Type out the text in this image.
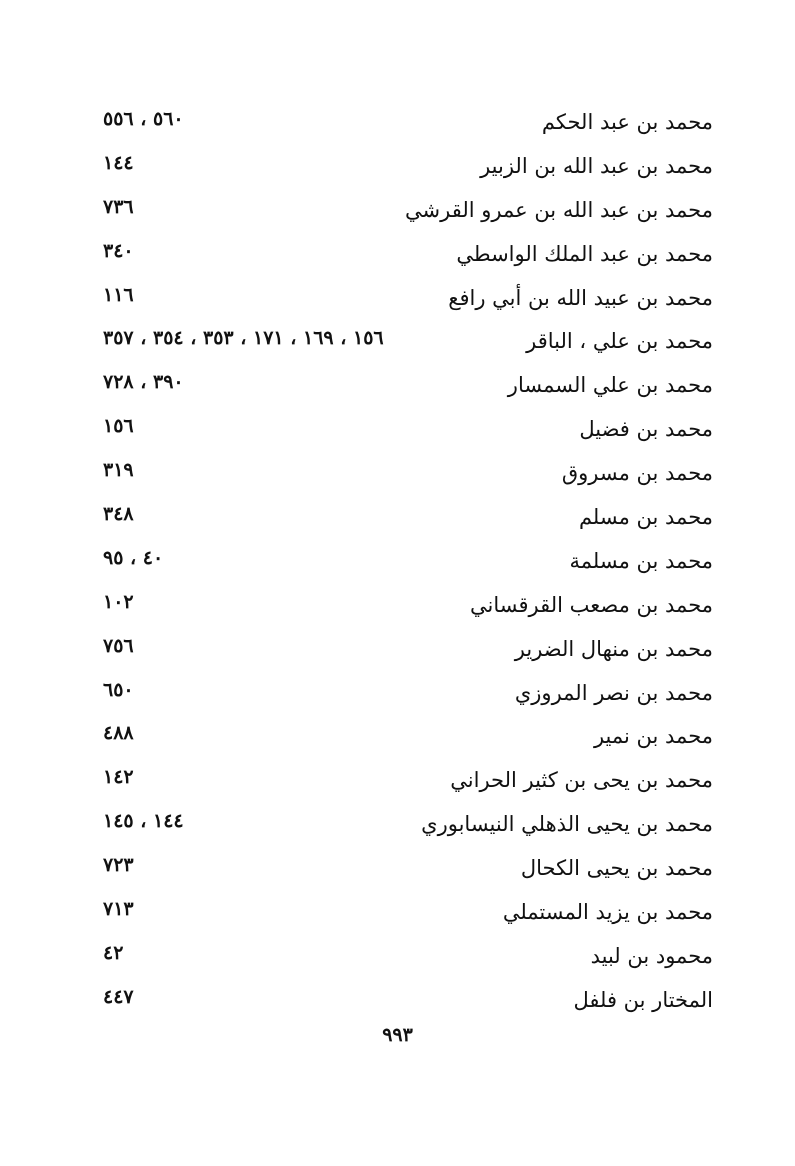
محمد بن عبد الحكم
٥٦٠ ، ٥٥٦
محمد بن عبد الله بن الزبير
١٤٤
محمد بن عبد الله بن عمرو القرشي
٧٣٦
محمد بن عبد الملك الواسطي
٣٤٠
محمد بن عبيد الله بن أبي رافع
١١٦
محمد بن علي ، الباقر
١٥٦ ، ١٦٩ ، ١٧١ ، ٣٥٣ ، ٣٥٤ ، ٣٥٧
محمد بن علي السمسار
٣٩٠ ، ٧٢٨
محمد بن فضيل
١٥٦
محمد بن مسروق
٣١٩
محمد بن مسلم
٣٤٨
محمد بن مسلمة
٤٠ ، ٩٥
محمد بن مصعب القرقساني
١٠٢
محمد بن منهال الضرير
٧٥٦
محمد بن نصر المروزي
٦٥٠
محمد بن نمير
٤٨٨
محمد بن يحى بن كثير الحراني
١٤٢
محمد بن يحيى الذهلي النيسابوري
١٤٤ ، ١٤٥
محمد بن يحيى الكحال
٧٢٣
محمد بن يزيد المستملي
٧١٣
محمود بن لبيد
٤٢
المختار بن فلفل
٤٤٧
٩٩٣
